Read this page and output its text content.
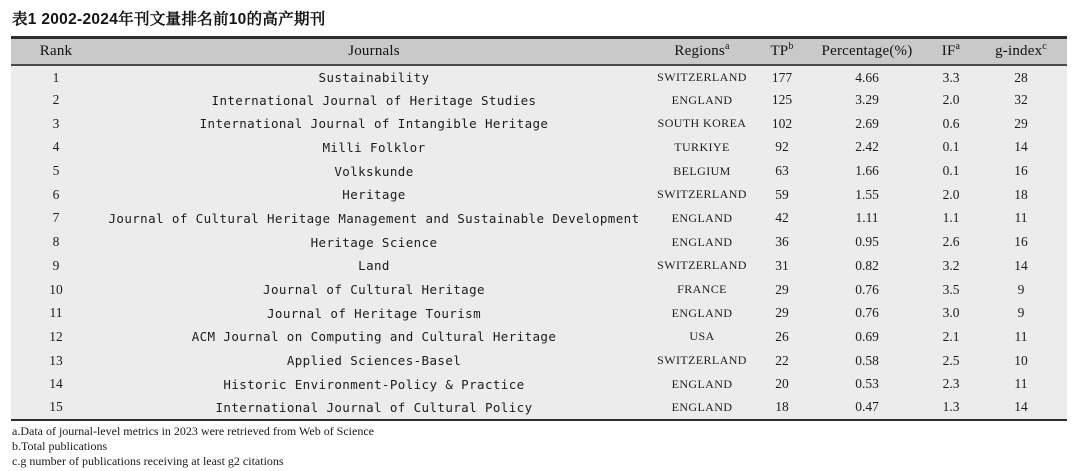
表1 2002-2024年刊文量排名前10的高产期刊
Rank	Journals	Regions$^a$	$TP^b$	Percentage(%)	$IF^a$	g-index$^c$
1	Sustainability	SWITZERLAND	177	4.66	3.3	28
2	International Journal of Heritage Studies	ENGLAND	125	3.29	2.0	32
3	International Journal of Intangible Heritage	SOUTH KOREA	102	2.69	0.6	29
4	Milli Folklor	TURKIYE	92	2.42	0.1	14
5	Volkskunde	BELGIUM	63	1.66	0.1	16
6	Heritage	SWITZERLAND	59	1.55	2.0	18
7	Journal of Cultural Heritage Management and Sustainable Development	ENGLAND	42	1.11	1.1	11
8	Heritage Science	ENGLAND	36	0.95	2.6	16
9	Land	SWITZERLAND	31	0.82	3.2	14
10	Journal of Cultural Heritage	FRANCE	29	0.76	3.5	9
11	Journal of Heritage Tourism	ENGLAND	29	0.76	3.0	9
12	ACM Journal on Computing and Cultural Heritage	USA	26	0.69	2.1	11
13	Applied Sciences-Basel	SWITZERLAND	22	0.58	2.5	10
14	Historic Environment-Policy & Practice	ENGLAND	20	0.53	2.3	11
15	International Journal of Cultural Policy	ENGLAND	18	0.47	1.3	14
a.Data of journal-level metrics in 2023 were retrieved from Web of Science
b.Total publications
c.g number of publications receiving at least g2 citations
